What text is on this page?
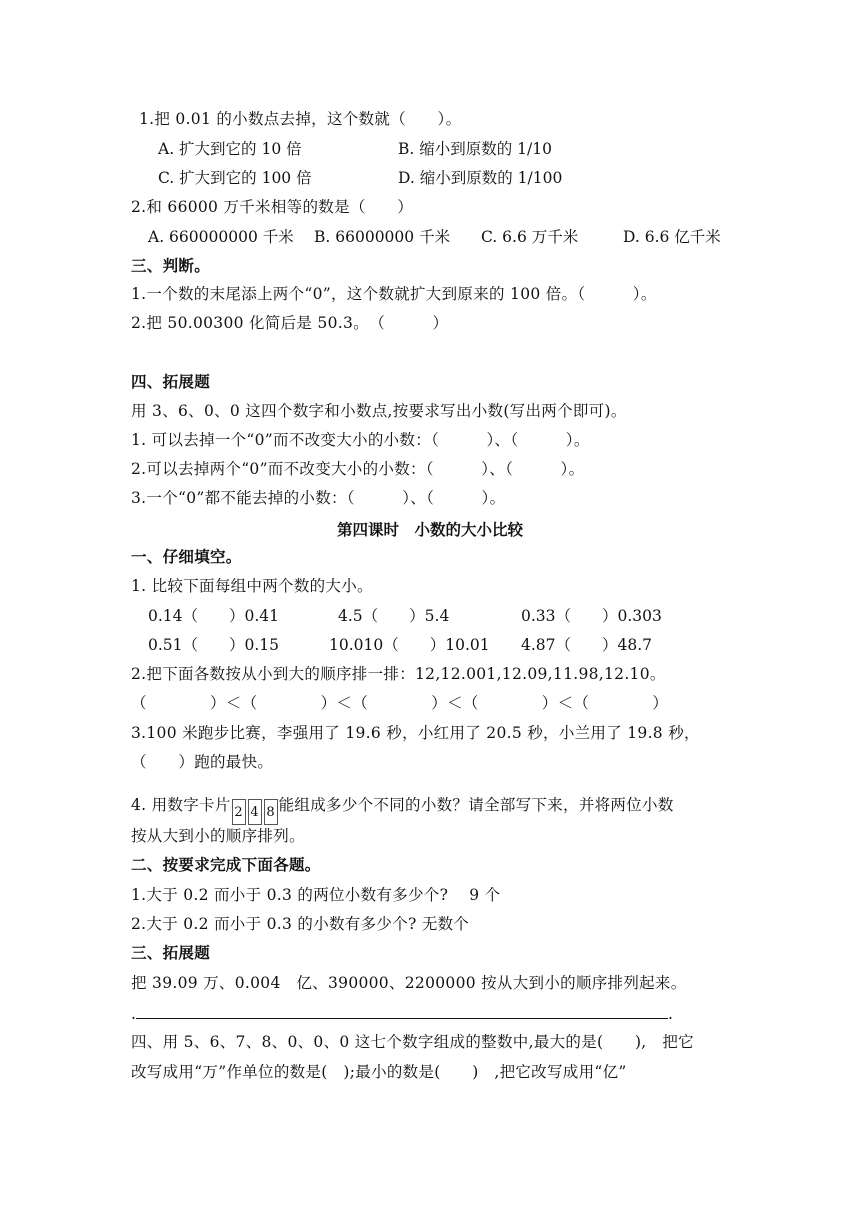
1.把 0.01 的小数点去掉，这个数就（　　）。
A. 扩大到它的 10 倍	B. 缩小到原数的 1/10
C. 扩大到它的 100 倍	D. 缩小到原数的 1/100
2.和 66000 万千米相等的数是（　　）
A. 660000000 千米 B. 66000000 千米 C. 6.6 万千米	D. 6.6 亿千米
三、判断。
1.一个数的末尾添上两个“0”，这个数就扩大到原来的 100 倍。（　　　）。
2.把 50.00300 化简后是 50.3。　（　　　）
四、拓展题
用 3、6、0、0 这四个数字和小数点,按要求写出小数(写出两个即可)。
1. 可以去掉一个“0”而不改变大小的小数：（　　　）、（　　　）。
2.可以去掉两个“0”而不改变大小的小数：（　　　）、（　　　）。
3.一个“0”都不能去掉的小数：（　　　）、（　　　）。
第四课时　小数的大小比较
一、仔细填空。
1. 比较下面每组中两个数的大小。
0.14（　　）0.41	4.5（　　）5.4	0.33（　　）0.303
0.51（　　）0.15	10.010（　　）10.01 4.87（　　）48.7
2.把下面各数按从小到大的顺序排一排：12,12.001,12.09,11.98,12.10。
（　　　　）＜（　　　　）＜（　　　　）＜（　　　　）＜（　　　　）
3.100 米跑步比赛，李强用了 19.6 秒，小红用了 20.5 秒，小兰用了 19.8 秒，
（　　）跑的最快。
4. 用数字卡片 2 4 8 能组成多少个不同的小数？请全部写下来，并将两位小数
按从大到小的顺序排列。
二、按要求完成下面各题。
1.大于 0.2 而小于 0.3 的两位小数有多少个?　 9 个
2.大于 0.2 而小于 0.3 的小数有多少个? 无数个
三、拓展题
把 39.09 万、0.004　亿、390000、2200000 按从大到小的顺序排列起来。
.	.
四、用 5、6、7、8、0、0、0 这七个数字组成的整数中,最大的是(　　),　把它
改写成用“万”作单位的数是(　);最小的数是(　　)　,把它改写成用“亿”
